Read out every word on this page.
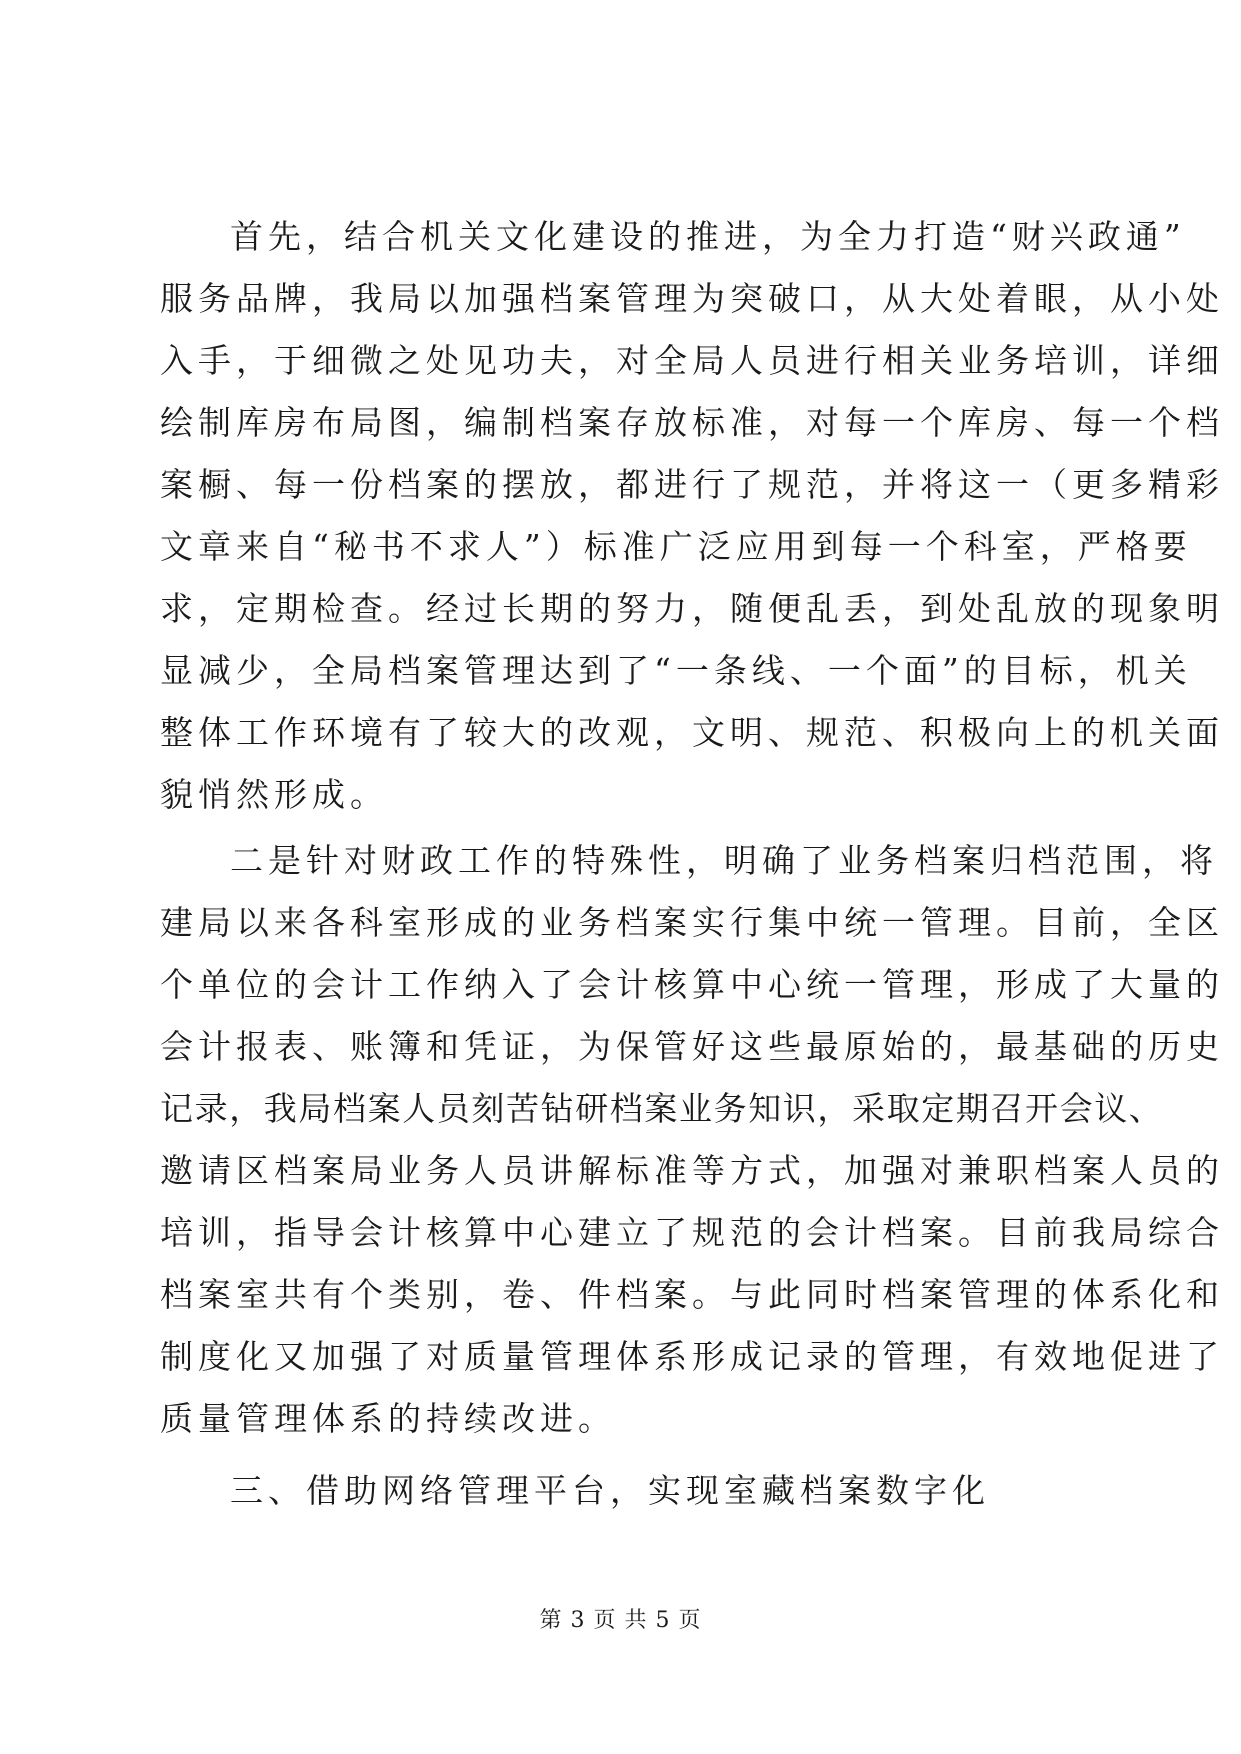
首先，结合机关文化建设的推进，为全力打造“财兴政通”
服务品牌，我局以加强档案管理为突破口，从大处着眼，从小处
入手，于细微之处见功夫，对全局人员进行相关业务培训，详细
绘制库房布局图，编制档案存放标准，对每一个库房、每一个档
案橱、每一份档案的摆放，都进行了规范，并将这一（更多精彩
文章来自“秘书不求人”）标准广泛应用到每一个科室，严格要
求，定期检查。经过长期的努力，随便乱丢，到处乱放的现象明
显减少，全局档案管理达到了“一条线、一个面”的目标，机关
整体工作环境有了较大的改观，文明、规范、积极向上的机关面
貌悄然形成。
二是针对财政工作的特殊性，明确了业务档案归档范围，将
建局以来各科室形成的业务档案实行集中统一管理。目前，全区
个单位的会计工作纳入了会计核算中心统一管理，形成了大量的
会计报表、账簿和凭证，为保管好这些最原始的，最基础的历史
记录，我局档案人员刻苦钻研档案业务知识，采取定期召开会议、
邀请区档案局业务人员讲解标准等方式，加强对兼职档案人员的
培训，指导会计核算中心建立了规范的会计档案。目前我局综合
档案室共有个类别，卷、件档案。与此同时档案管理的体系化和
制度化又加强了对质量管理体系形成记录的管理，有效地促进了
质量管理体系的持续改进。
三、借助网络管理平台，实现室藏档案数字化
第 3 页 共 5 页
